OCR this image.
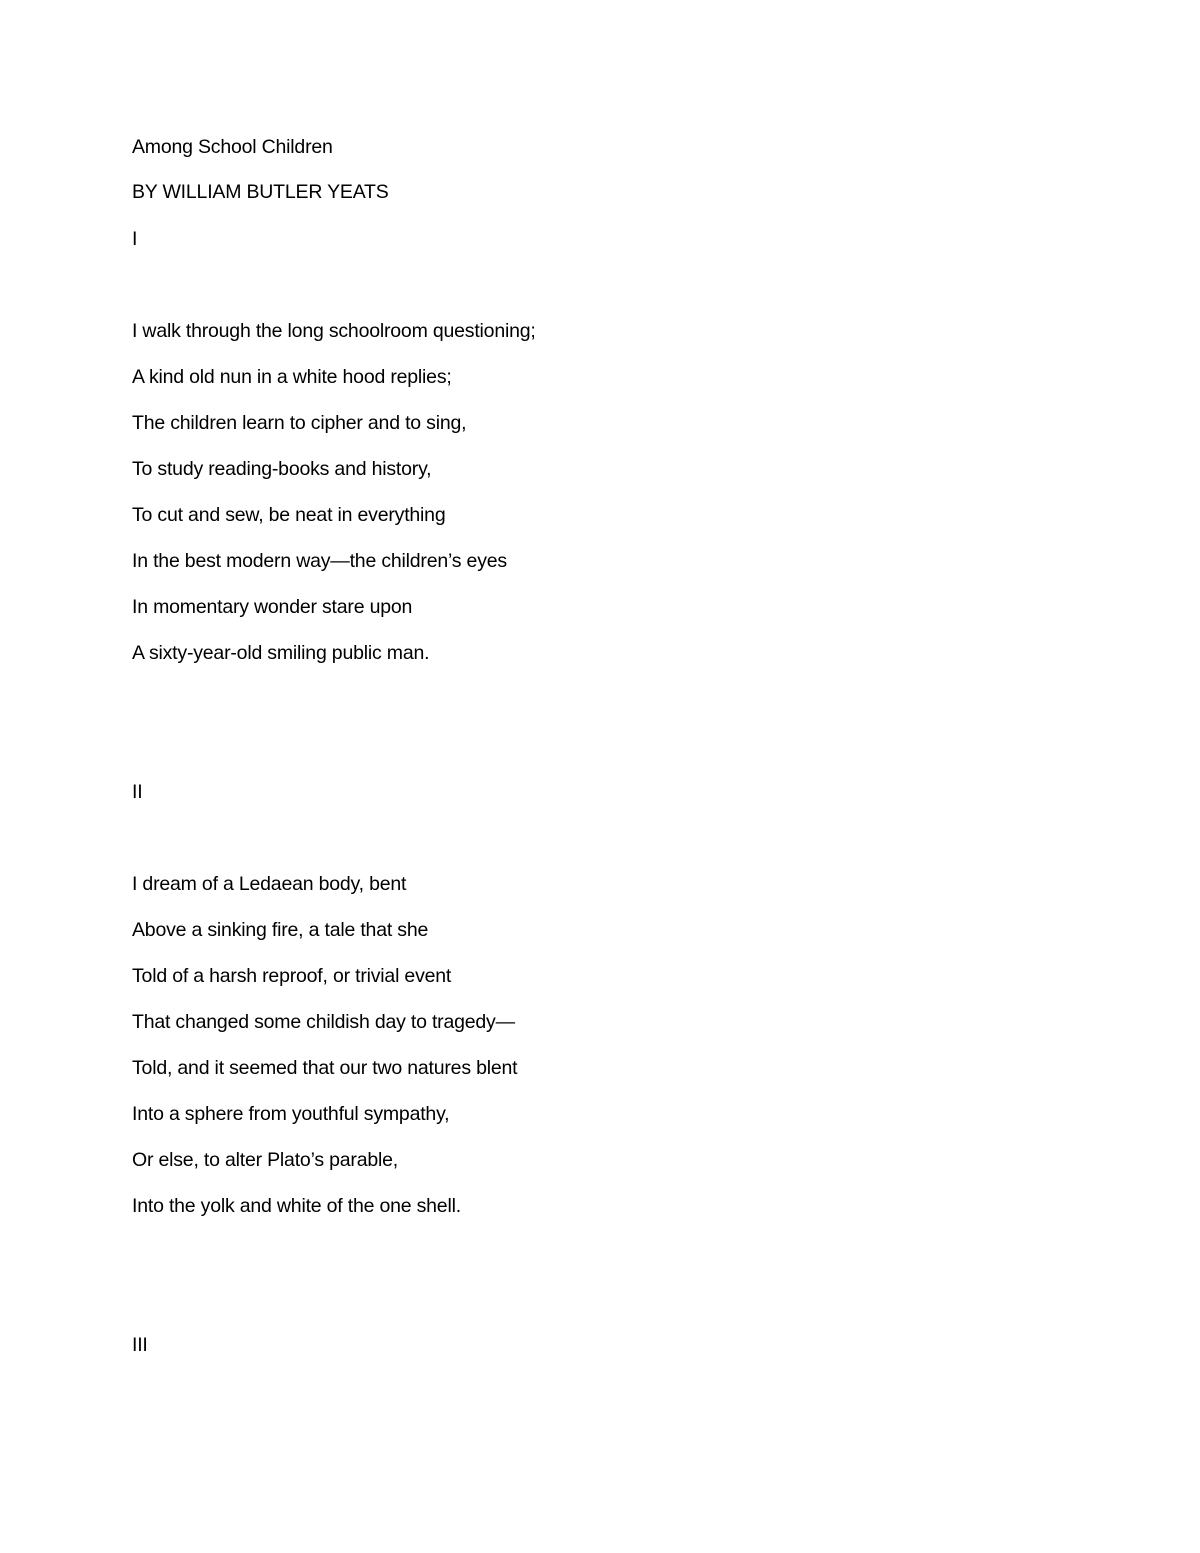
Among School Children
BY WILLIAM BUTLER YEATS
I
I walk through the long schoolroom questioning;
A kind old nun in a white hood replies;
The children learn to cipher and to sing,
To study reading-books and history,
To cut and sew, be neat in everything
In the best modern way—the children’s eyes
In momentary wonder stare upon
A sixty-year-old smiling public man.
II
I dream of a Ledaean body, bent
Above a sinking fire, a tale that she
Told of a harsh reproof, or trivial event
That changed some childish day to tragedy—
Told, and it seemed that our two natures blent
Into a sphere from youthful sympathy,
Or else, to alter Plato’s parable,
Into the yolk and white of the one shell.
III
